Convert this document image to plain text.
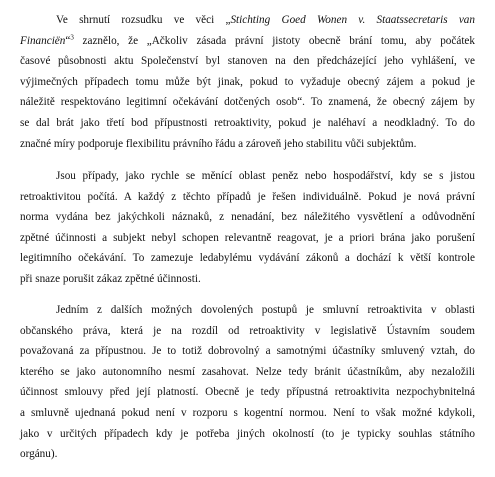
Ve shrnutí rozsudku ve věci „Stichting Goed Wonen v. Staatssecretaris van
Financiën“$^3$ zaznělo, že „Ačkoliv zásada právní jistoty obecně brání tomu, aby počátek
časové působnosti aktu Společenství byl stanoven na den předcházející jeho vyhlášení, ve
výjimečných případech tomu může být jinak, pokud to vyžaduje obecný zájem a pokud je
náležitě respektováno legitimní očekávání dotčených osob“. To znamená, že obecný zájem by
se dal brát jako třetí bod přípustnosti retroaktivity, pokud je naléhaví a neodkladný. To do
značné míry podporuje flexibilitu právního řádu a zároveň jeho stabilitu vůči subjektům.
Jsou případy, jako rychle se měnící oblast peněz nebo hospodářství, kdy se s jistou
retroaktivitou počítá. A každý z těchto případů je řešen individuálně. Pokud je nová právní
norma vydána bez jakýchkoli náznaků, z nenadání, bez náležitého vysvětlení a odůvodnění
zpětné účinnosti a subjekt nebyl schopen relevantně reagovat, je a priori brána jako porušení
legitimního očekávání. To zamezuje ledabylému vydávání zákonů a dochází k větší kontrole
při snaze porušit zákaz zpětné účinnosti.
Jedním z dalších možných dovolených postupů je smluvní retroaktivita v oblasti
občanského práva, která je na rozdíl od retroaktivity v legislativě Ústavním soudem
považovaná za přípustnou. Je to totiž dobrovolný a samotnými účastníky smluvený vztah, do
kterého se jako autonomního nesmí zasahovat. Nelze tedy bránit účastníkům, aby nezaložili
účinnost smlouvy před její platností. Obecně je tedy přípustná retroaktivita nezpochybnitelná
a smluvně ujednaná pokud není v rozporu s kogentní normou. Není to však možné kdykoli,
jako v určitých případech kdy je potřeba jiných okolností (to je typicky souhlas státního
orgánu).
